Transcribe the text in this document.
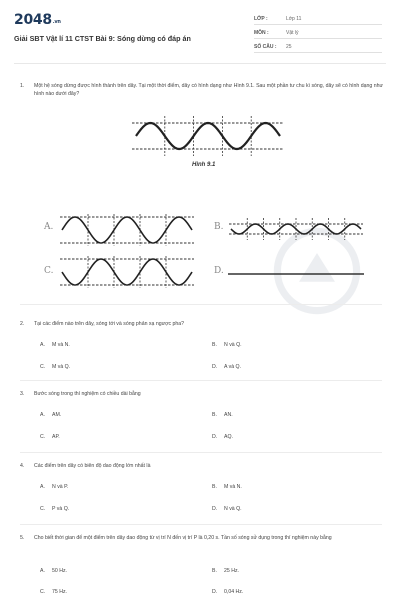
2048.vn
Giải SBT Vật lí 11 CTST Bài 9: Sóng dừng có đáp án
LỚP :	Lớp 11
MÔN :	Vật lý
SỐ CÂU : 25
1. Một hệ sóng dừng được hình thành trên dây. Tại một thời điểm, dây có hình dạng như Hình 9.1. Sau một phần tư chu kì sóng, dây sẽ có hình dạng như hình nào dưới đây?
Hình 9.1
A.	B.
C.	D.
2. Tại các điểm nào trên dây, sóng tới và sóng phản xạ ngược pha?
A. M và N.	B. N và Q.
C. M và Q.	D. A và Q.
3. Bước sóng trong thí nghiệm có chiều dài bằng
A. AM.	B. AN.
C. AP.	D. AQ.
4. Các điểm trên dây có biên độ dao động lớn nhất là
A. N và P.	B. M và N.
C. P và Q.	D. N và Q.
5. Cho biết thời gian để một điểm trên dây dao động từ vị trí N đến vị trí P là 0,20 s. Tần số sóng sử dụng trong thí nghiệm này bằng
A. 50 Hz.	B. 25 Hz.
C. 75 Hz.	D. 0,04 Hz.
